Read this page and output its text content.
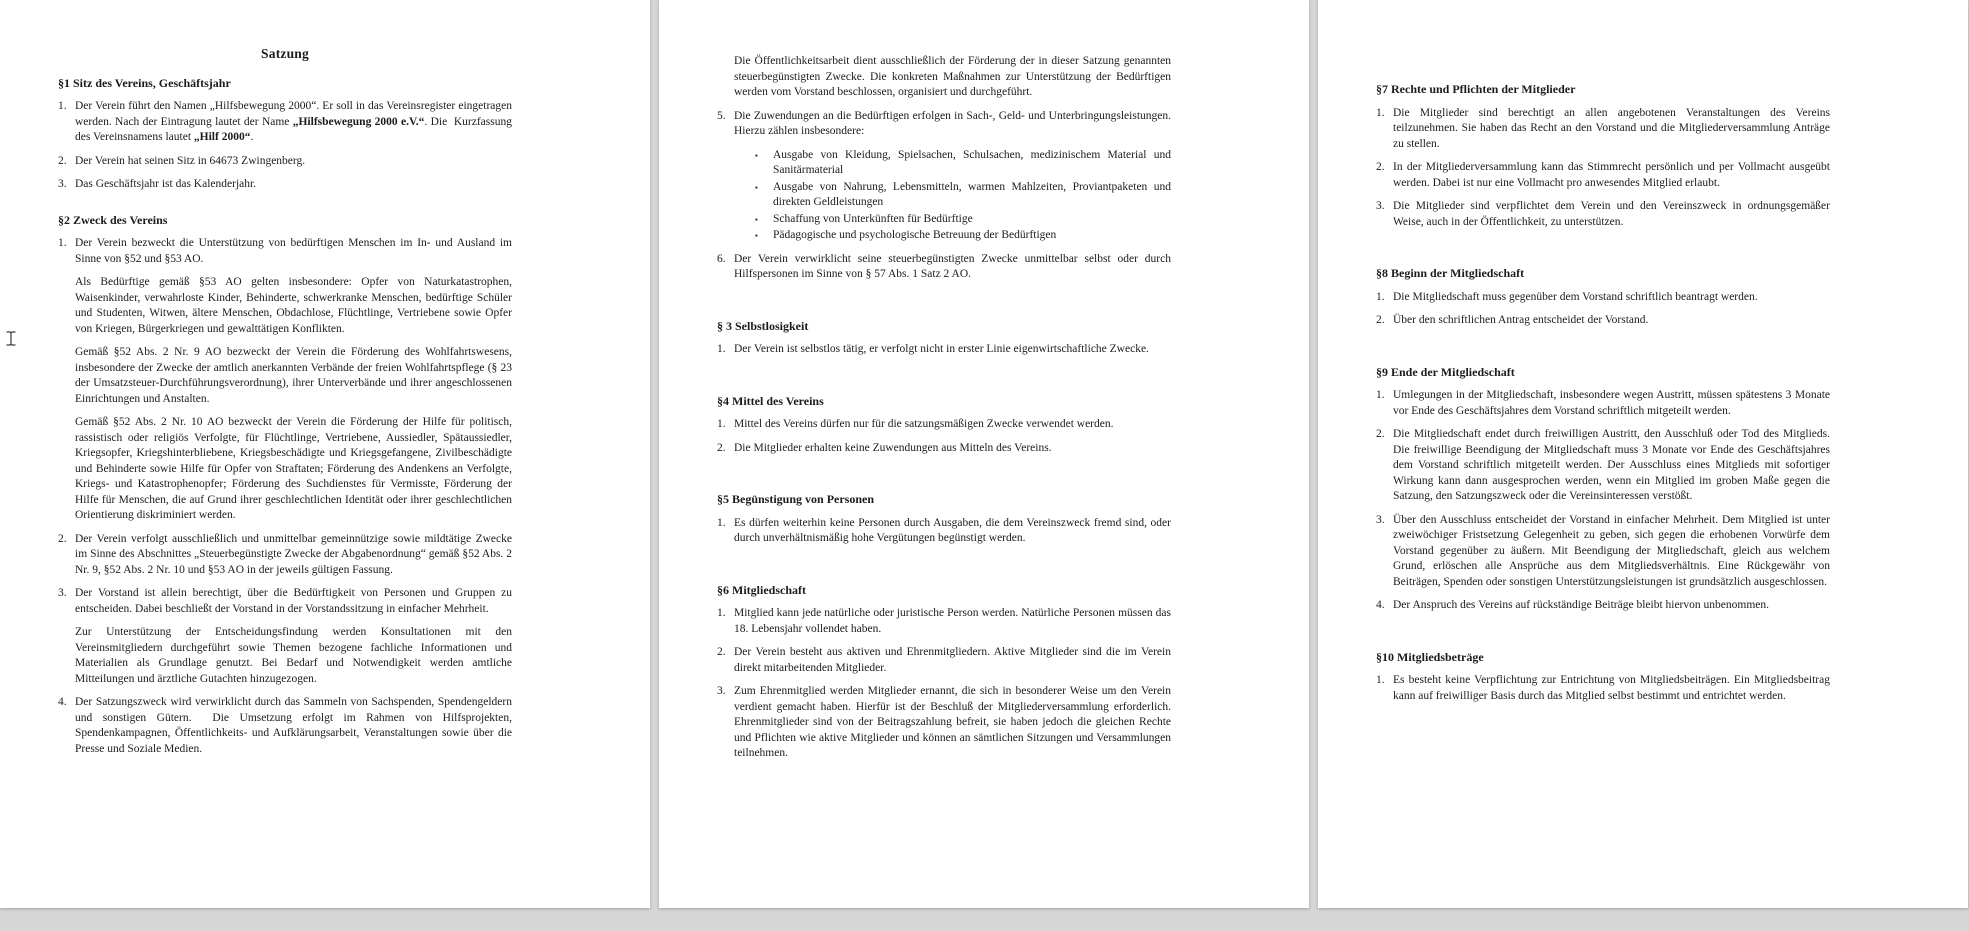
Satzung
§1 Sitz des Vereins, Geschäftsjahr
1. Der Verein führt den Namen „Hilfsbewegung 2000“. Er soll in das Vereinsregister eingetragen werden. Nach der Eintragung lautet der Name „Hilfsbewegung 2000 e.V.“. Die  Kurzfassung des Vereinsnamens lautet „Hilf 2000“.
2. Der Verein hat seinen Sitz in 64673 Zwingenberg.
3. Das Geschäftsjahr ist das Kalenderjahr.
§2 Zweck des Vereins
1. Der Verein bezweckt die Unterstützung von bedürftigen Menschen im In- und Ausland im Sinne von §52 und §53 AO.
Als Bedürftige gemäß §53 AO gelten insbesondere: Opfer von Naturkatastrophen, Waisenkinder, verwahrloste Kinder, Behinderte, schwerkranke Menschen, bedürftige Schüler und Studenten, Witwen, ältere Menschen, Obdachlose, Flüchtlinge, Vertriebene sowie Opfer von Kriegen, Bürgerkriegen und gewalttätigen Konflikten.
Gemäß §52 Abs. 2 Nr. 9 AO bezweckt der Verein die Förderung des Wohlfahrtswesens, insbesondere der Zwecke der amtlich anerkannten Verbände der freien Wohlfahrtspflege (§ 23 der Umsatzsteuer-Durchführungsverordnung), ihrer Unterverbände und ihrer angeschlossenen Einrichtungen und Anstalten.
Gemäß §52 Abs. 2 Nr. 10 AO bezweckt der Verein die Förderung der Hilfe für politisch, rassistisch oder religiös Verfolgte, für Flüchtlinge, Vertriebene, Aussiedler, Spätaussiedler, Kriegsopfer, Kriegshinterbliebene, Kriegsbeschädigte und Kriegsgefangene, Zivilbeschädigte und Behinderte sowie Hilfe für Opfer von Straftaten; Förderung des Andenkens an Verfolgte, Kriegs- und Katastrophenopfer; Förderung des Suchdienstes für Vermisste, Förderung der Hilfe für Menschen, die auf Grund ihrer geschlechtlichen Identität oder ihrer geschlechtlichen Orientierung diskriminiert werden.
2. Der Verein verfolgt ausschließlich und unmittelbar gemeinnützige sowie mildtätige Zwecke im Sinne des Abschnittes „Steuerbegünstigte Zwecke der Abgabenordnung“ gemäß §52 Abs. 2 Nr. 9, §52 Abs. 2 Nr. 10 und §53 AO in der jeweils gültigen Fassung.
3. Der Vorstand ist allein berechtigt, über die Bedürftigkeit von Personen und Gruppen zu entscheiden. Dabei beschließt der Vorstand in der Vorstandssitzung in einfacher Mehrheit.
Zur Unterstützung der Entscheidungsfindung werden Konsultationen mit den Vereinsmitgliedern durchgeführt sowie Themen bezogene fachliche Informationen und Materialien als Grundlage genutzt. Bei Bedarf und Notwendigkeit werden amtliche Mitteilungen und ärztliche Gutachten hinzugezogen.
4. Der Satzungszweck wird verwirklicht durch das Sammeln von Sachspenden, Spendengeldern und sonstigen Gütern.  Die Umsetzung erfolgt im Rahmen von Hilfsprojekten, Spendenkampagnen, Öffentlichkeits- und Aufklärungsarbeit, Veranstaltungen sowie über die Presse und Soziale Medien.
Die Öffentlichkeitsarbeit dient ausschließlich der Förderung der in dieser Satzung genannten steuerbegünstigten Zwecke. Die konkreten Maßnahmen zur Unterstützung der Bedürftigen werden vom Vorstand beschlossen, organisiert und durchgeführt.
5. Die Zuwendungen an die Bedürftigen erfolgen in Sach-, Geld- und Unterbringungsleistungen. Hierzu zählen insbesondere:
▪	Ausgabe von Kleidung, Spielsachen, Schulsachen, medizinischem Material und Sanitärmaterial
▪	Ausgabe von Nahrung, Lebensmitteln, warmen Mahlzeiten, Proviantpaketen und direkten Geldleistungen
▪	Schaffung von Unterkünften für Bedürftige
▪	Pädagogische und psychologische Betreuung der Bedürftigen
6. Der Verein verwirklicht seine steuerbegünstigten Zwecke unmittelbar selbst oder durch Hilfspersonen im Sinne von § 57 Abs. 1 Satz 2 AO.
§ 3 Selbstlosigkeit
1. Der Verein ist selbstlos tätig, er verfolgt nicht in erster Linie eigenwirtschaftliche Zwecke.
§4 Mittel des Vereins
1. Mittel des Vereins dürfen nur für die satzungsmäßigen Zwecke verwendet werden.
2. Die Mitglieder erhalten keine Zuwendungen aus Mitteln des Vereins.
§5 Begünstigung von Personen
1. Es dürfen weiterhin keine Personen durch Ausgaben, die dem Vereinszweck fremd sind, oder durch unverhältnismäßig hohe Vergütungen begünstigt werden.
§6 Mitgliedschaft
1. Mitglied kann jede natürliche oder juristische Person werden. Natürliche Personen müssen das 18. Lebensjahr vollendet haben.
2. Der Verein besteht aus aktiven und Ehrenmitgliedern. Aktive Mitglieder sind die im Verein direkt mitarbeitenden Mitglieder.
3. Zum Ehrenmitglied werden Mitglieder ernannt, die sich in besonderer Weise um den Verein verdient gemacht haben. Hierfür ist der Beschluß der Mitgliederversammlung erforderlich. Ehrenmitglieder sind von der Beitragszahlung befreit, sie haben jedoch die gleichen Rechte und Pflichten wie aktive Mitglieder und können an sämtlichen Sitzungen und Versammlungen teilnehmen.
§7 Rechte und Pflichten der Mitglieder
1. Die Mitglieder sind berechtigt an allen angebotenen Veranstaltungen des Vereins teilzunehmen. Sie haben das Recht an den Vorstand und die Mitgliederversammlung Anträge zu stellen.
2. In der Mitgliederversammlung kann das Stimmrecht persönlich und per Vollmacht ausgeübt werden. Dabei ist nur eine Vollmacht pro anwesendes Mitglied erlaubt.
3. Die Mitglieder sind verpflichtet dem Verein und den Vereinszweck in ordnungsgemäßer Weise, auch in der Öffentlichkeit, zu unterstützen.
§8 Beginn der Mitgliedschaft
1. Die Mitgliedschaft muss gegenüber dem Vorstand schriftlich beantragt werden.
2. Über den schriftlichen Antrag entscheidet der Vorstand.
§9 Ende der Mitgliedschaft
1. Umlegungen in der Mitgliedschaft, insbesondere wegen Austritt, müssen spätestens 3 Monate vor Ende des Geschäftsjahres dem Vorstand schriftlich mitgeteilt werden.
2. Die Mitgliedschaft endet durch freiwilligen Austritt, den Ausschluß oder Tod des Mitglieds. Die freiwillige Beendigung der Mitgliedschaft muss 3 Monate vor Ende des Geschäftsjahres dem Vorstand schriftlich mitgeteilt werden. Der Ausschluss eines Mitglieds mit sofortiger Wirkung kann dann ausgesprochen werden, wenn ein Mitglied im groben Maße gegen die Satzung, den Satzungszweck oder die Vereinsinteressen verstößt.
3. Über den Ausschluss entscheidet der Vorstand in einfacher Mehrheit. Dem Mitglied ist unter zweiwöchiger Fristsetzung Gelegenheit zu geben, sich gegen die erhobenen Vorwürfe dem Vorstand gegenüber zu äußern. Mit Beendigung der Mitgliedschaft, gleich aus welchem Grund, erlöschen alle Ansprüche aus dem Mitgliedsverhältnis. Eine Rückgewähr von Beiträgen, Spenden oder sonstigen Unterstützungsleistungen ist grundsätzlich ausgeschlossen.
4. Der Anspruch des Vereins auf rückständige Beiträge bleibt hiervon unbenommen.
§10 Mitgliedsbeträge
1. Es besteht keine Verpflichtung zur Entrichtung von Mitgliedsbeiträgen. Ein Mitgliedsbeitrag kann auf freiwilliger Basis durch das Mitglied selbst bestimmt und entrichtet werden.
